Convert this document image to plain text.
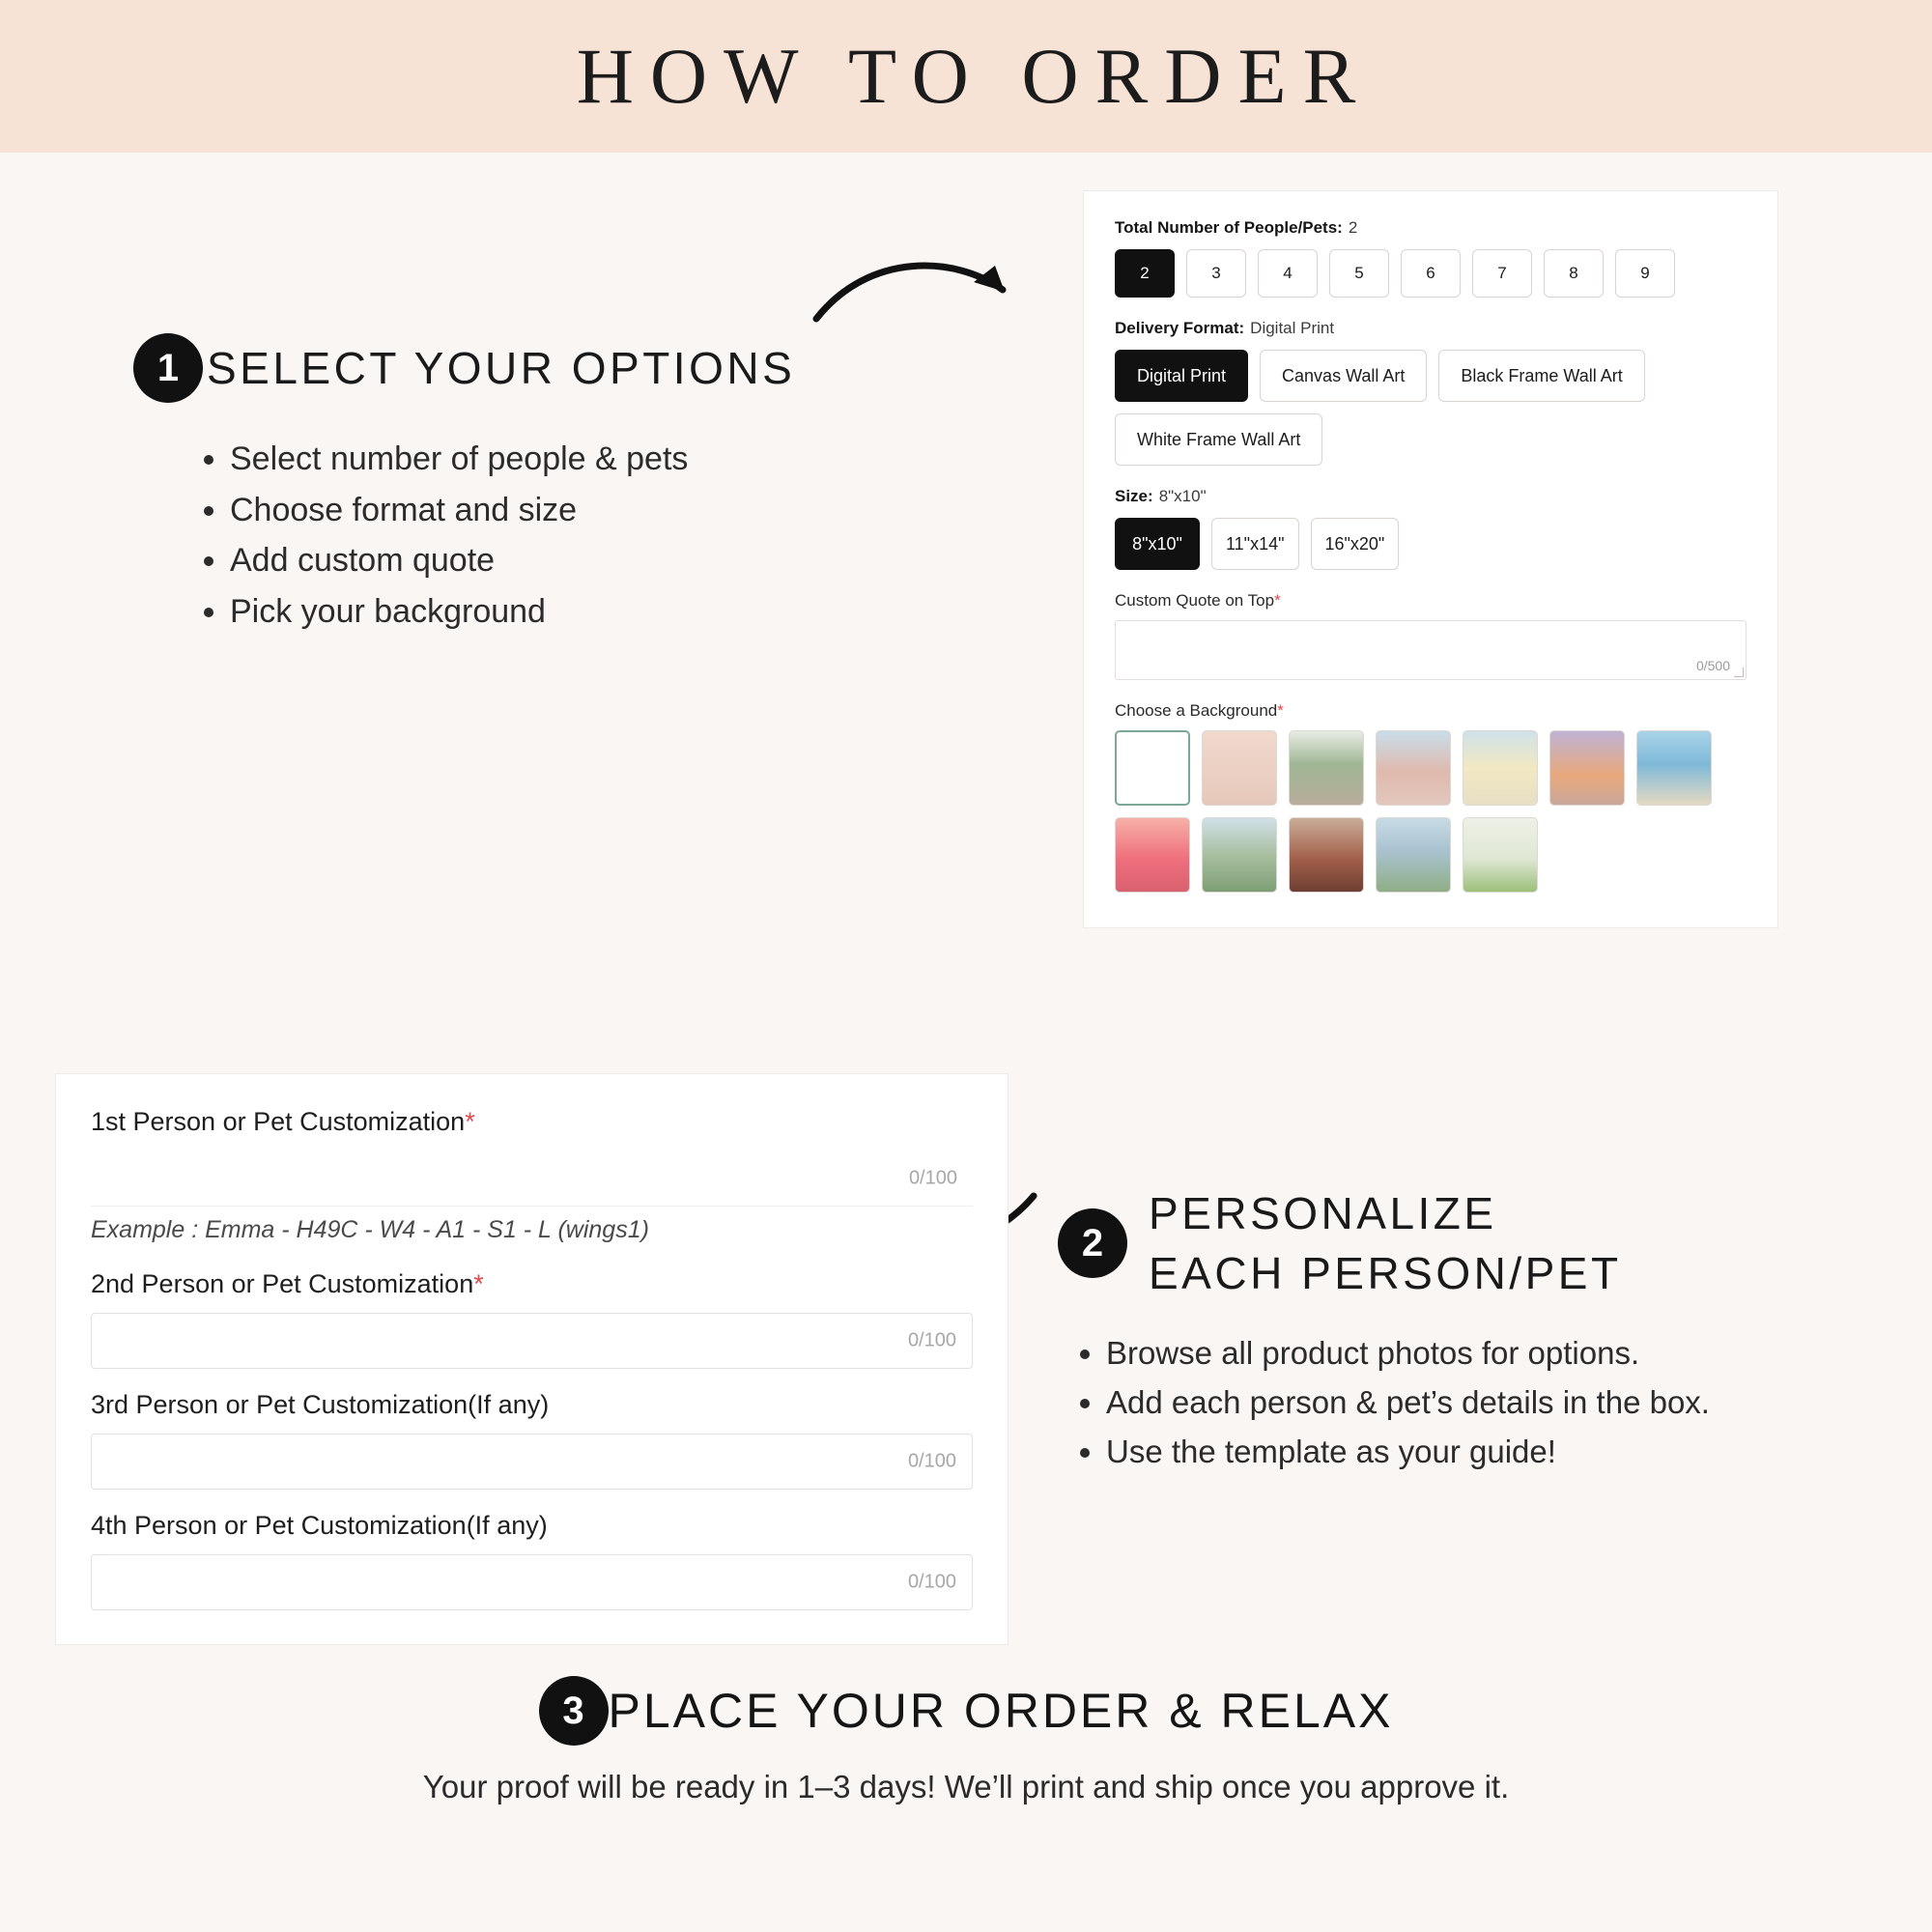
HOW TO ORDER
1 SELECT YOUR OPTIONS
• Select number of people & pets
• Choose format and size
• Add custom quote
• Pick your background
Total Number of People/Pets: 2
2	3	4	5	6	7	8	9
Delivery Format: Digital Print
Digital Print	Canvas Wall Art	Black Frame Wall Art
White Frame Wall Art
Size: 8"x10"
8"x10"	11"x14"	16"x20"
Custom Quote on Top*
0/500
Choose a Background*
1st Person or Pet Customization*
0/100
Example : Emma - H49C - W4 - A1 - S1 - L (wings1)
2nd Person or Pet Customization*
0/100
3rd Person or Pet Customization(If any)
0/100
4th Person or Pet Customization(If any)
0/100
2
PERSONALIZE
EACH PERSON/PET
• Browse all product photos for options.
• Add each person & pet’s details in the box.
• Use the template as your guide!
3 PLACE YOUR ORDER & RELAX
Your proof will be ready in 1–3 days! We’ll print and ship once you approve it.
